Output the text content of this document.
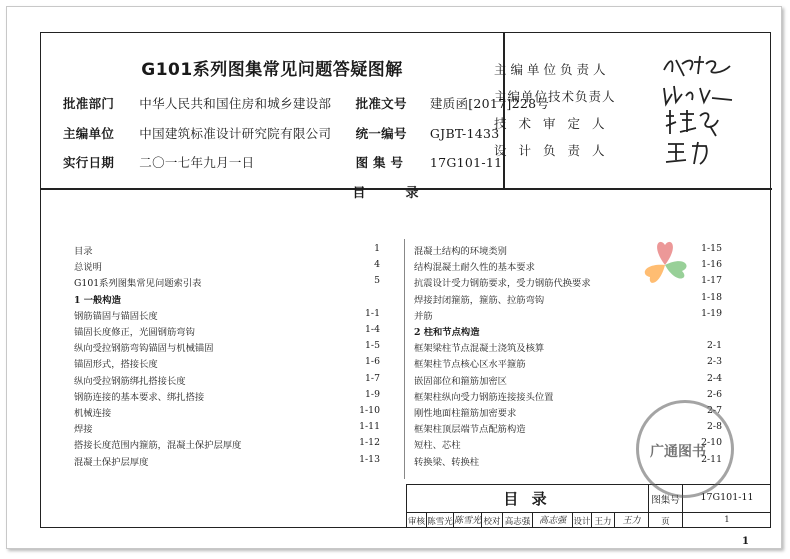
G101系列图集常见问题答疑图解
批准部门 中华人民共和国住房和城乡建设部 批准文号 建质函[2017]228号
主编单位 中国建筑标准设计研究院有限公司 统一编号 GJBT-1433
实行日期 二〇一七年九月一日	图 集 号 17G101-11
主编单位负责人
主编单位技术负责人
技术审定人
设计负责人
目录
目录	1
总说明	4
G101系列图集常见问题索引表	5
1 一般构造
钢筋锚固与锚固长度	1-1
锚固长度修正，光圆钢筋弯钩	1-4
纵向受拉钢筋弯钩锚固与机械锚固	1-5
锚固形式，搭接长度	1-6
纵向受拉钢筋绑扎搭接长度	1-7
钢筋连接的基本要求、绑扎搭接	1-9
机械连接	1-10
焊接	1-11
搭接长度范围内箍筋，混凝土保护层厚度	1-12
混凝土保护层厚度	1-13
混凝土结构的环境类别	1-15
结构混凝土耐久性的基本要求	1-16
抗震设计受力钢筋要求，受力钢筋代换要求	1-17
焊接封闭箍筋，箍筋、拉筋弯钩	1-18
并筋	1-19
2 柱和节点构造
框架梁柱节点混凝土浇筑及核算	2-1
框架柱节点核心区水平箍筋	2-3
嵌固部位和箍筋加密区	2-4
框架柱纵向受力钢筋连接接头位置	2-6
刚性地面柱箍筋加密要求	2-7
框架柱顶层端节点配筋构造	2-8
短柱、芯柱	2-10
转换梁、转换柱	2-11
目 录	图集号	17G101-11
审核 陈雪光 陈雪光 校对 高志强 高志强 设计 王力	王力	页	1
1
广通图书
